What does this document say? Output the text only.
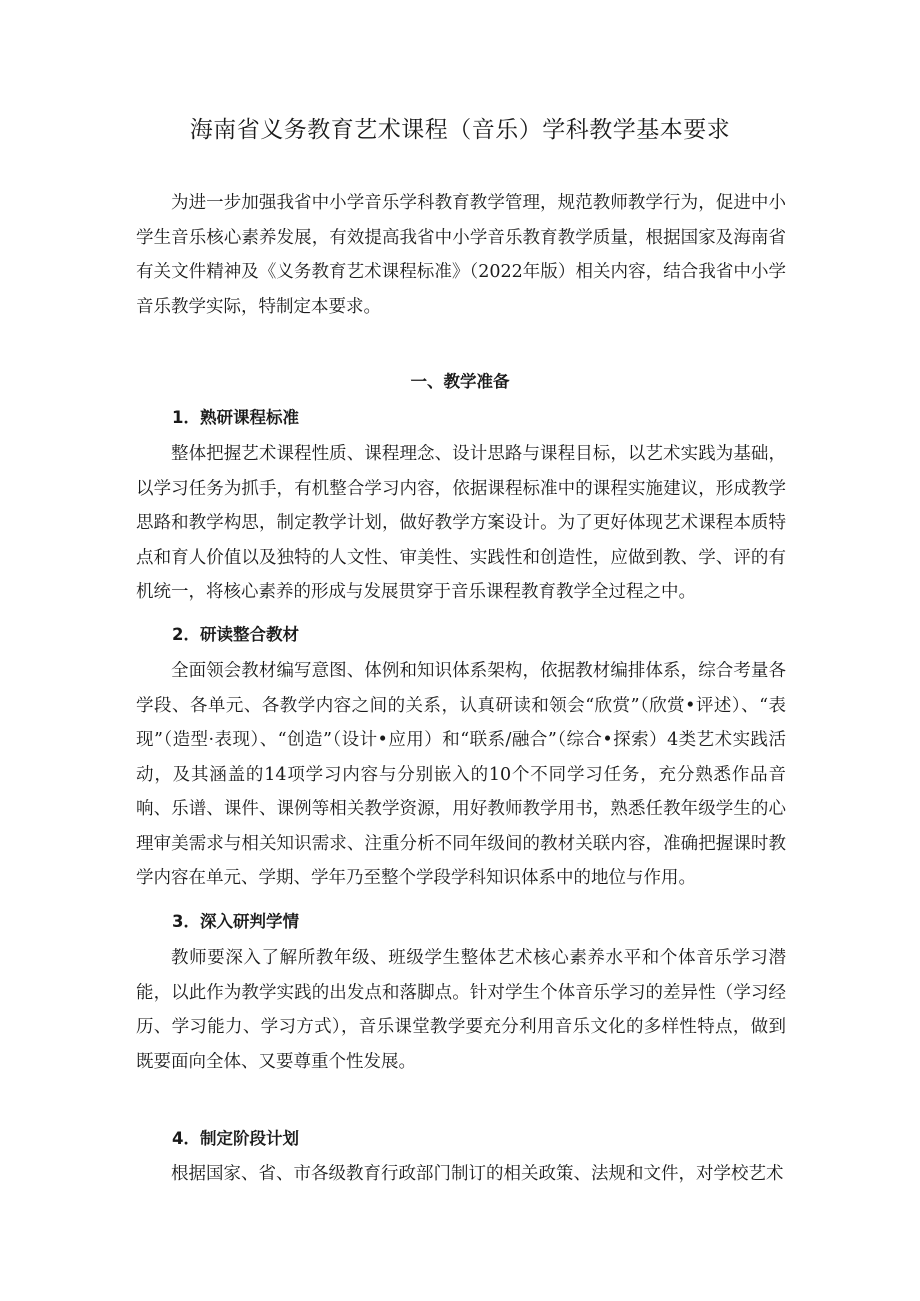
海南省义务教育艺术课程（音乐）学科教学基本要求

为进一步加强我省中小学音乐学科教育教学管理，规范教师教学行为，促进中小学生音乐核心素养发展，有效提高我省中小学音乐教育教学质量，根据国家及海南省有关文件精神及《义务教育艺术课程标准》（2022年版）相关内容，结合我省中小学音乐教学实际，特制定本要求。

一、教学准备
1．熟研课程标准

整体把握艺术课程性质、课程理念、设计思路与课程目标，以艺术实践为基础，以学习任务为抓手，有机整合学习内容，依据课程标准中的课程实施建议，形成教学思路和教学构思，制定教学计划，做好教学方案设计。为了更好体现艺术课程本质特点和育人价值以及独特的人文性、审美性、实践性和创造性，应做到教、学、评的有机统一，将核心素养的形成与发展贯穿于音乐课程教育教学全过程之中。

2．研读整合教材

全面领会教材编写意图、体例和知识体系架构，依据教材编排体系，综合考量各学段、各单元、各教学内容之间的关系，认真研读和领会“欣赏”（欣赏•评述）、“表现”（造型·表现）、“创造”（设计•应用）和“联系/融合”（综合•探索）4类艺术实践活动，及其涵盖的14项学习内容与分别嵌入的10个不同学习任务，充分熟悉作品音响、乐谱、课件、课例等相关教学资源，用好教师教学用书，熟悉任教年级学生的心理审美需求与相关知识需求、注重分析不同年级间的教材关联内容，准确把握课时教学内容在单元、学期、学年乃至整个学段学科知识体系中的地位与作用。

3．深入研判学情

教师要深入了解所教年级、班级学生整体艺术核心素养水平和个体音乐学习潜能，以此作为教学实践的出发点和落脚点。针对学生个体音乐学习的差异性（学习经历、学习能力、学习方式），音乐课堂教学要充分利用音乐文化的多样性特点，做到既要面向全体、又要尊重个性发展。

4．制定阶段计划

根据国家、省、市各级教育行政部门制订的相关政策、法规和文件，对学校艺术
